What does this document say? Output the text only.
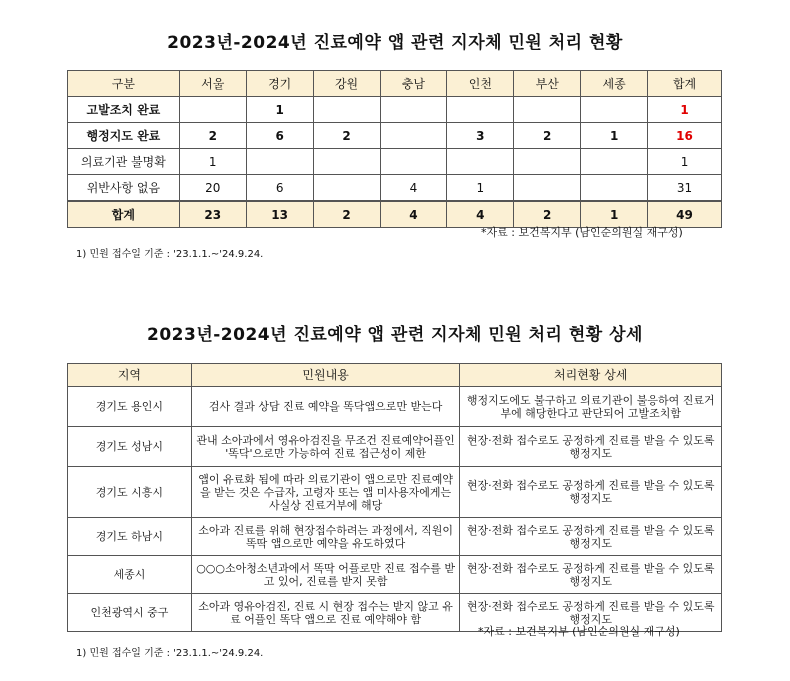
2023년-2024년 진료예약 앱 관련 지자체 민원 처리 현황
구분	서울	경기	강원	충남	인천	부산	세종	합계
고발조치 완료		1						1
행정지도 완료	2	6	2		3	2	1	16
의료기관 불명확	1							1
위반사항 없음	20	6		4	1			31
합계	23	13	2	4	4	2	1	49
*자료 : 보건복지부 (남인순의원실 재구성)
1) 민원 접수일 기준 : '23.1.1.~'24.9.24.
2023년-2024년 진료예약 앱 관련 지자체 민원 처리 현황 상세
지역	민원내용	처리현황 상세
경기도 용인시	검사 결과 상담 진료 예약을 똑닥앱으로만 받는다	행정지도에도 불구하고 의료기관이 불응하여 진료거부에 해당한다고 판단되어 고발조치함
경기도 성남시	관내 소아과에서 영유아검진을 무조건 진료예약어플인 '똑닥'으로만 가능하여 진료 접근성이 제한	현장·전화 접수로도 공정하게 진료를 받을 수 있도록 행정지도
경기도 시흥시	앱이 유료화 됨에 따라 의료기관이 앱으로만 진료예약을 받는 것은 수급자, 고령자 또는 앱 미사용자에게는 사실상 진료거부에 해당	현장·전화 접수로도 공정하게 진료를 받을 수 있도록 행정지도
경기도 하남시	소아과 진료를 위해 현장접수하려는 과정에서, 직원이 똑딱 앱으로만 예약을 유도하였다	현장·전화 접수로도 공정하게 진료를 받을 수 있도록 행정지도
세종시	○○○소아청소년과에서 똑딱 어플로만 진료 접수를 받고 있어, 진료를 받지 못함	현장·전화 접수로도 공정하게 진료를 받을 수 있도록 행정지도
인천광역시 중구	소아과 영유아검진, 진료 시 현장 접수는 받지 않고 유료 어플인 똑닥 앱으로 진료 예약해야 함	현장·전화 접수로도 공정하게 진료를 받을 수 있도록 행정지도
*자료 : 보건복지부 (남인순의원실 재구성)
1) 민원 접수일 기준 : '23.1.1.~'24.9.24.
